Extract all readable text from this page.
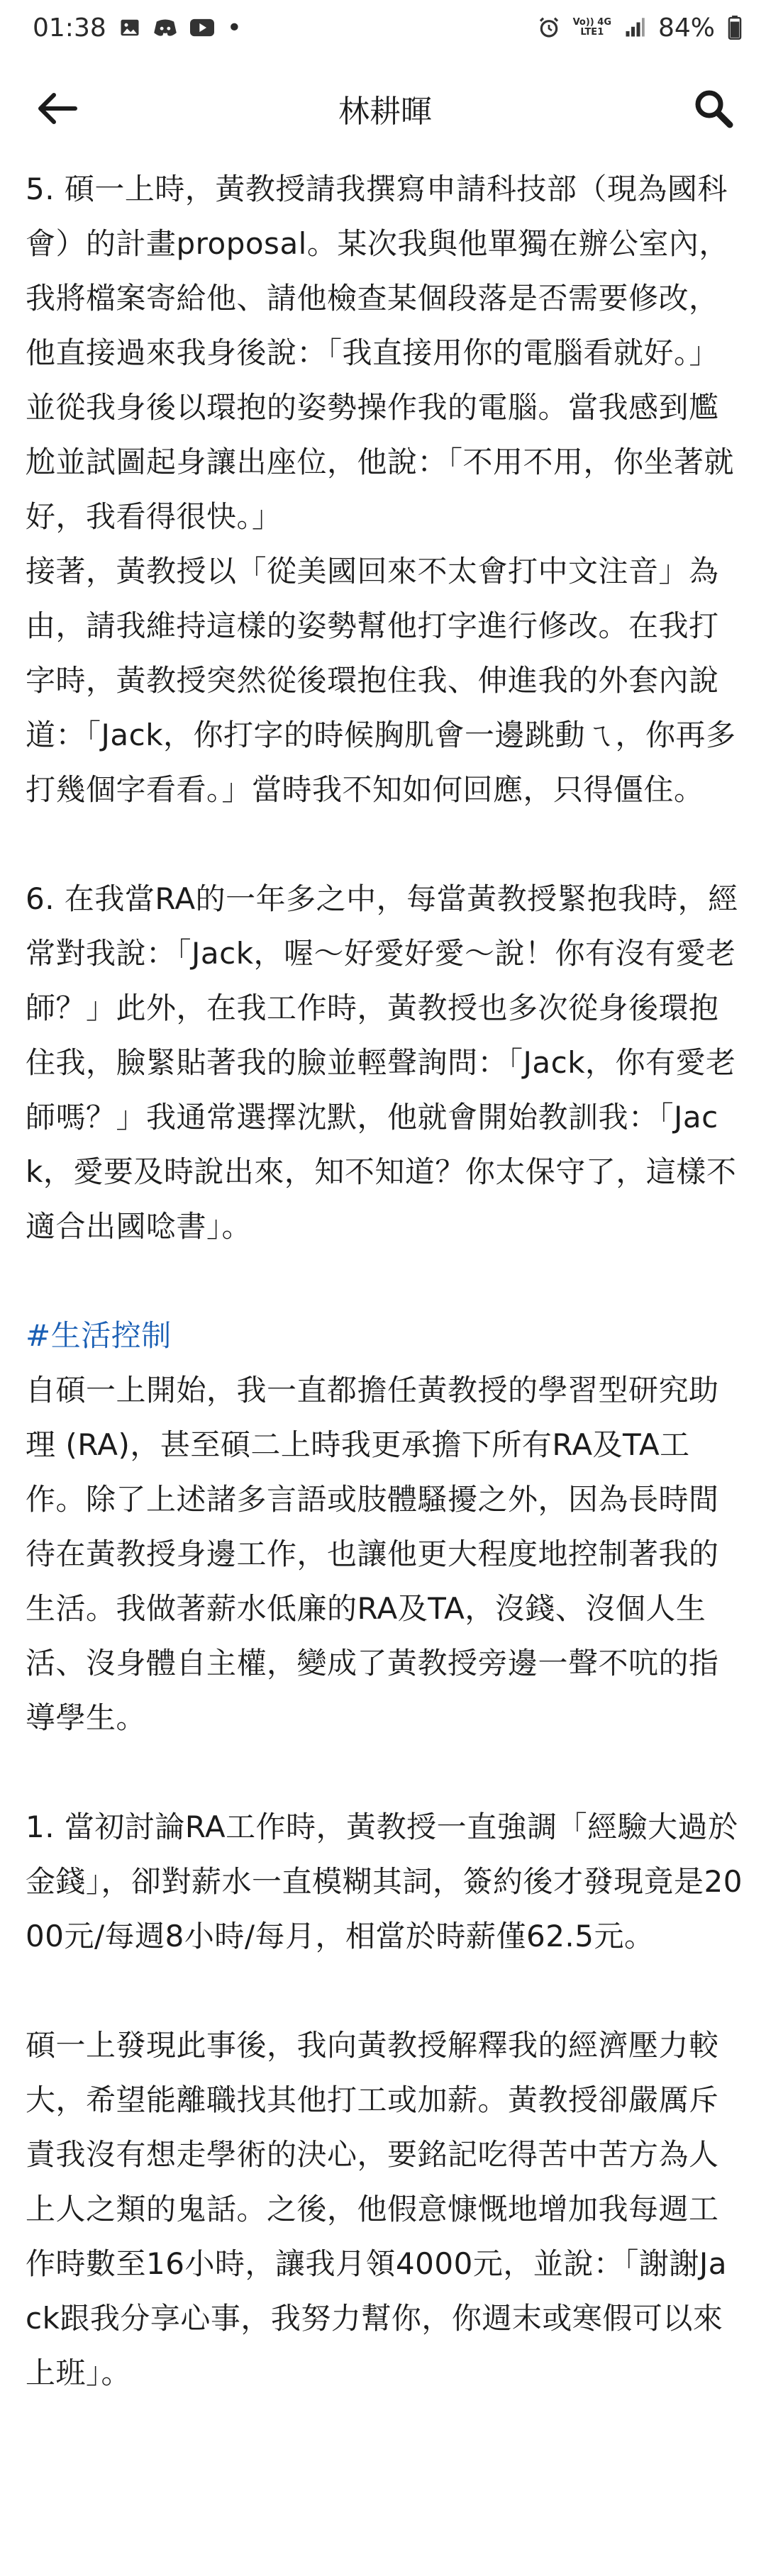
01:38	•	Vo)) 4G
LTE1 84%
林耕暉

5. 碩一上時，黃教授請我撰寫申請科技部（現為國科會）的計畫proposal。某次我與他單獨在辦公室內，我將檔案寄給他、請他檢查某個段落是否需要修改，他直接過來我身後說：「我直接用你的電腦看就好。」並從我身後以環抱的姿勢操作我的電腦。當我感到尷尬並試圖起身讓出座位，他說：「不用不用，你坐著就好，我看得很快。」

接著，黃教授以「從美國回來不太會打中文注音」為由，請我維持這樣的姿勢幫他打字進行修改。在我打字時，黃教授突然從後環抱住我、伸進我的外套內說道：「Jack，你打字的時候胸肌會一邊跳動ㄟ，你再多打幾個字看看。」當時我不知如何回應，只得僵住。

6. 在我當RA的一年多之中，每當黃教授緊抱我時，經常對我說：「Jack，喔～好愛好愛～說！你有沒有愛老師？」此外，在我工作時，黃教授也多次從身後環抱住我，臉緊貼著我的臉並輕聲詢問：「Jack，你有愛老師嗎？」我通常選擇沈默，他就會開始教訓我：「Jack，愛要及時說出來，知不知道？你太保守了，這樣不適合出國唸書」。

#生活控制

自碩一上開始，我一直都擔任黃教授的學習型研究助理 (RA)，甚至碩二上時我更承擔下所有RA及TA工作。除了上述諸多言語或肢體騷擾之外，因為長時間待在黃教授身邊工作，也讓他更大程度地控制著我的生活。我做著薪水低廉的RA及TA，沒錢、沒個人生活、沒身體自主權，變成了黃教授旁邊一聲不吭的指導學生。

1. 當初討論RA工作時，黃教授一直強調「經驗大過於金錢」，卻對薪水一直模糊其詞，簽約後才發現竟是2000元/每週8小時/每月，相當於時薪僅62.5元。

碩一上發現此事後，我向黃教授解釋我的經濟壓力較大，希望能離職找其他打工或加薪。黃教授卻嚴厲斥責我沒有想走學術的決心，要銘記吃得苦中苦方為人上人之類的鬼話。之後，他假意慷慨地增加我每週工作時數至16小時，讓我月領4000元，並說：「謝謝Jack跟我分享心事，我努力幫你，你週末或寒假可以來上班」。
